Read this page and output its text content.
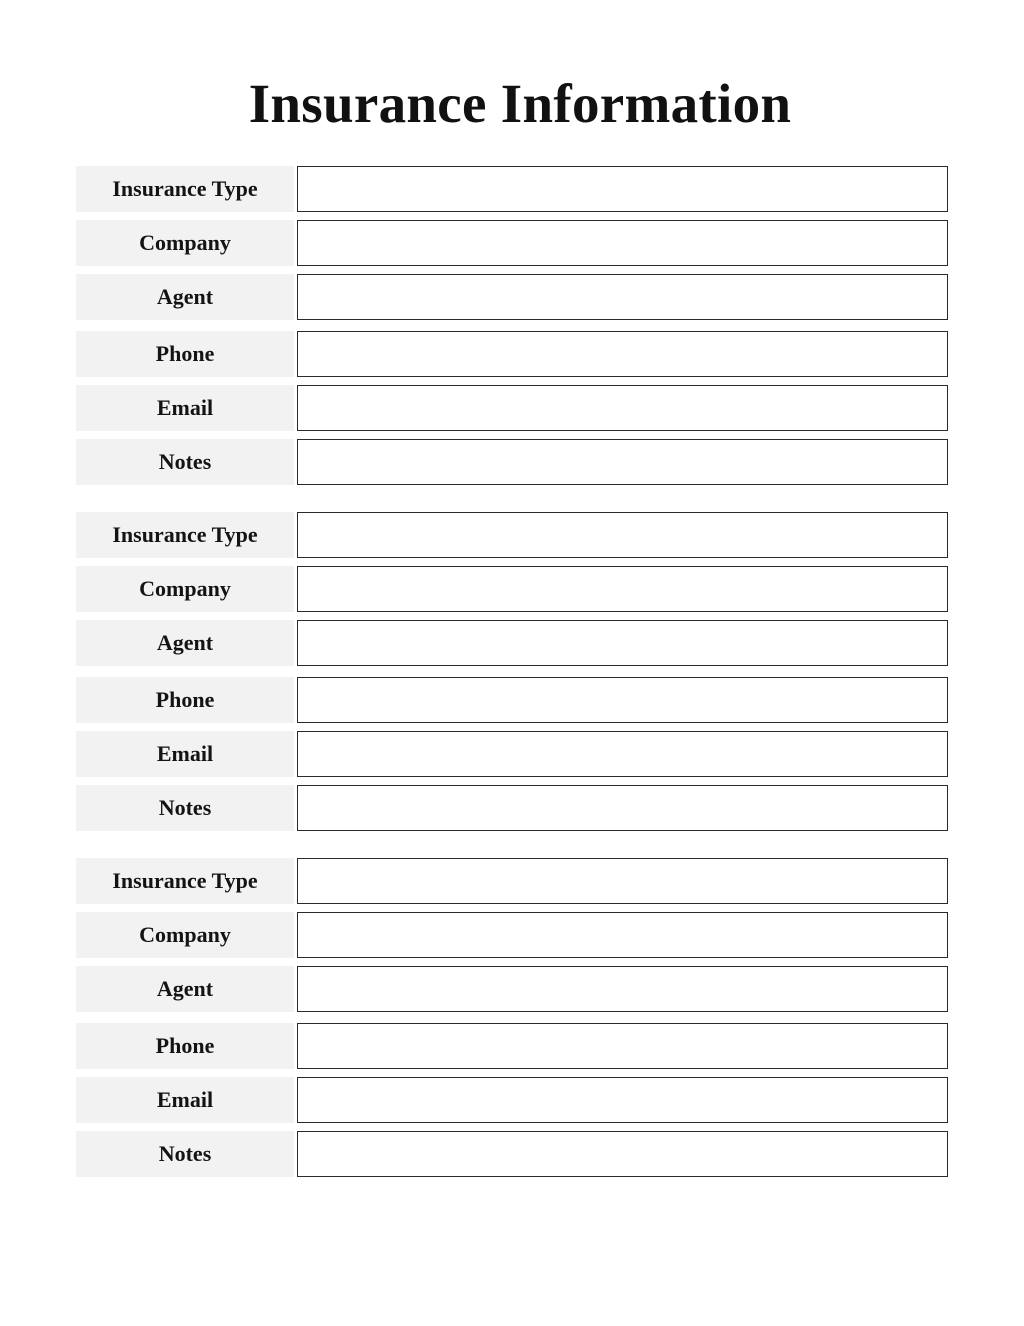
Insurance Information
Insurance Type
Company
Agent
Phone
Email
Notes
Insurance Type
Company
Agent
Phone
Email
Notes
Insurance Type
Company
Agent
Phone
Email
Notes
